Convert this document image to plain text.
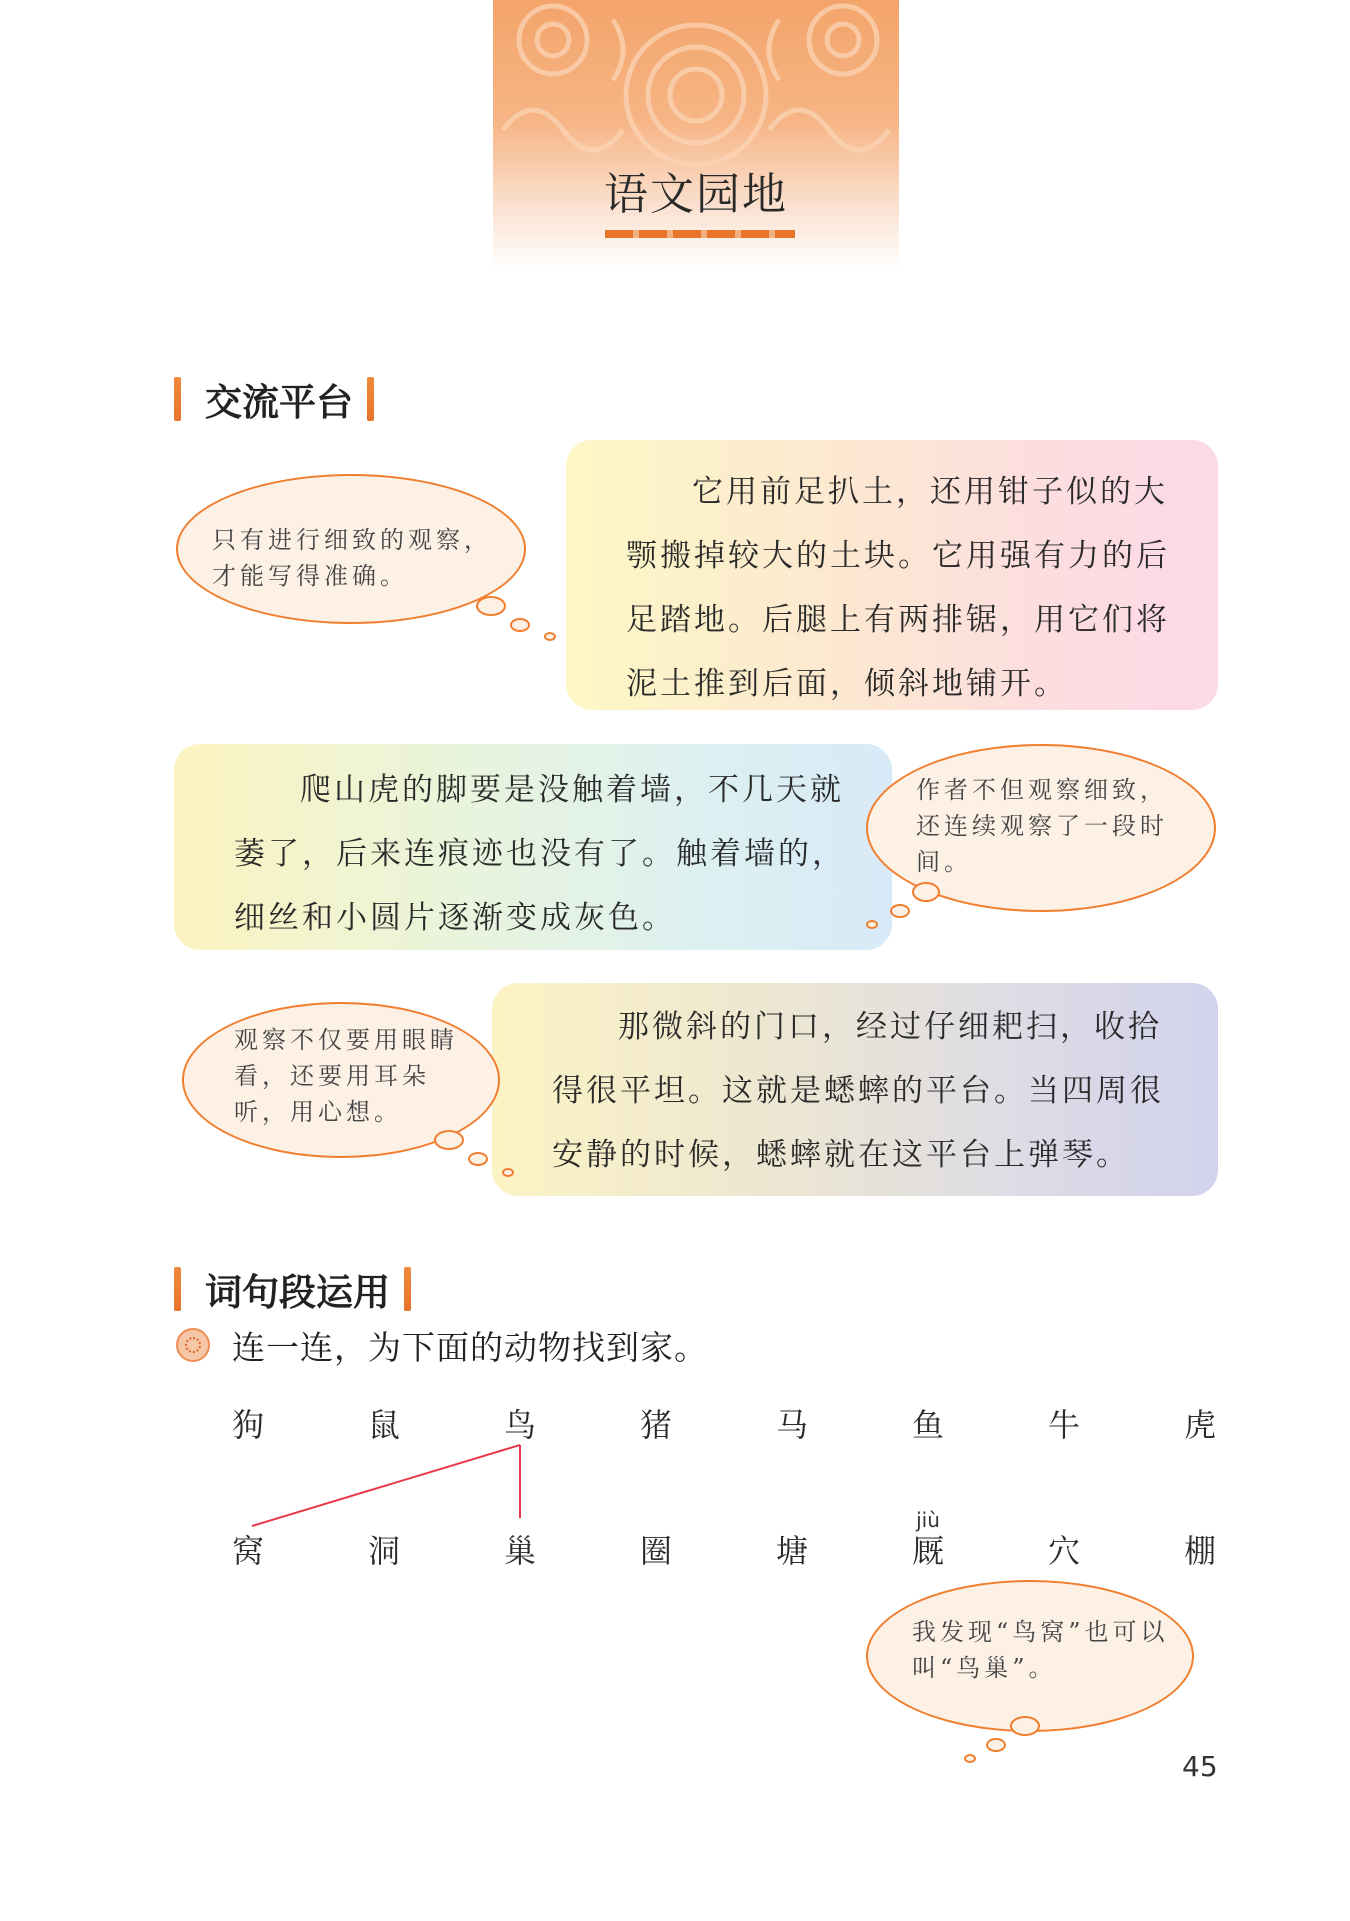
语文园地
交流平台
它用前足扒土，还用钳子似的大颚搬掉较大的土块。它用强有力的后足踏地。后腿上有两排锯，用它们将泥土推到后面，倾斜地铺开。
只有进行细致的观察，才能写得准确。
爬山虎的脚要是没触着墙，不几天就萎了，后来连痕迹也没有了。触着墙的，细丝和小圆片逐渐变成灰色。
作者不但观察细致，还连续观察了一段时间。
那微斜的门口，经过仔细耙扫，收拾得很平坦。这就是蟋蟀的平台。当四周很安静的时候，蟋蟀就在这平台上弹琴。
观察不仅要用眼睛看，还要用耳朵听，用心想。
词句段运用
连一连，为下面的动物找到家。
狗	鼠	鸟	猪	马	鱼	牛	虎
jiù
窝	洞	巢	圈	塘	厩	穴	棚
我发现“鸟窝”也可以叫“鸟巢”。
45
